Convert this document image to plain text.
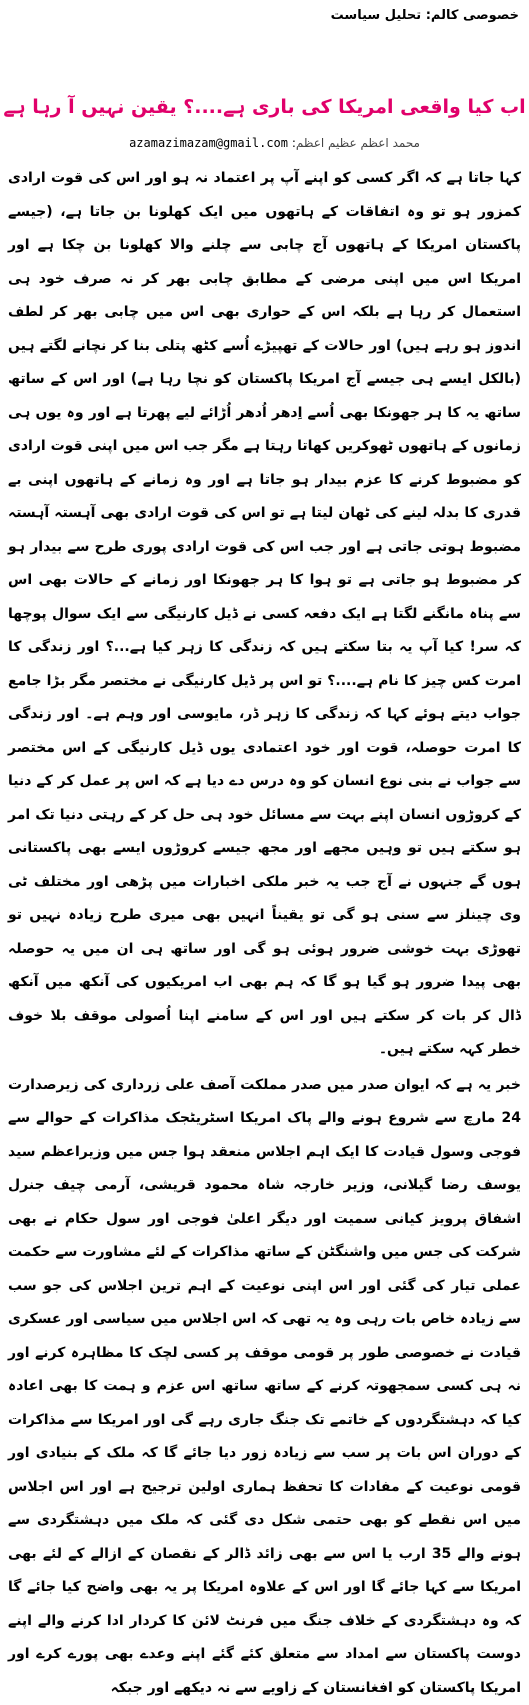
خصوصی کالم: تحلیل سیاست
اب کیا واقعی امریکا کی باری ہے....؟ یقین نہیں آ رہا ہے
محمد اعظم عظیم اعظم: azamazimazam@gmail.com

کہا جاتا ہے کہ اگر کسی کو اپنے آپ پر اعتماد نہ ہو اور اس کی قوت ارادی کمزور ہو تو وہ اتفاقات کے ہاتھوں میں ایک کھلونا بن جاتا ہے، (جیسے پاکستان امریکا کے ہاتھوں آج چابی سے چلنے والا کھلونا بن چکا ہے اور امریکا اس میں اپنی مرضی کے مطابق چابی بھر کر نہ صرف خود ہی استعمال کر رہا ہے بلکہ اس کے حواری بھی اس میں چابی بھر کر لطف اندوز ہو رہے ہیں) اور حالات کے تھپیڑے اُسے کٹھ پتلی بنا کر نچانے لگتے ہیں (بالکل ایسے ہی جیسے آج امریکا پاکستان کو نچا رہا ہے) اور اس کے ساتھ ساتھ یہ کا ہر جھونکا بھی اُسے اِدھر اُدھر اُڑائے لیے پھرتا ہے اور وہ یوں ہی زمانوں کے ہاتھوں ٹھوکریں کھاتا رہتا ہے مگر جب اس میں اپنی قوت ارادی کو مضبوط کرنے کا عزم بیدار ہو جاتا ہے اور وہ زمانے کے ہاتھوں اپنی بے قدری کا بدلہ لینے کی ٹھان لیتا ہے تو اس کی قوت ارادی بھی آہستہ آہستہ مضبوط ہوتی جاتی ہے اور جب اس کی قوت ارادی پوری طرح سے بیدار ہو کر مضبوط ہو جاتی ہے تو ہوا کا ہر جھونکا اور زمانے کے حالات بھی اس سے پناہ مانگنے لگتا ہے ایک دفعہ کسی نے ڈیل کارنیگی سے ایک سوال پوچھا کہ سر! کیا آپ یہ بتا سکتے ہیں کہ زندگی کا زہر کیا ہے...؟ اور زندگی کا امرت کس چیز کا نام ہے....؟ تو اس پر ڈیل کارنیگی نے مختصر مگر بڑا جامع جواب دیتے ہوئے کہا کہ زندگی کا زہر ڈر، مایوسی اور وہم ہے۔ اور زندگی کا امرت حوصلہ، قوت اور خود اعتمادی یوں ڈیل کارنیگی کے اس مختصر سے جواب نے بنی نوع انسان کو وہ درس دے دیا ہے کہ اس پر عمل کر کے دنیا کے کروڑوں انسان اپنے بہت سے مسائل خود ہی حل کر کے رہتی دنیا تک امر ہو سکتے ہیں تو وہیں مجھے اور مجھ جیسے کروڑوں ایسے بھی پاکستانی ہوں گے جنہوں نے آج جب یہ خبر ملکی اخبارات میں پڑھی اور مختلف ٹی وی چینلز سے سنی ہو گی تو یقیناً انہیں بھی میری طرح زیادہ نہیں تو تھوڑی بہت خوشی ضرور ہوئی ہو گی اور ساتھ ہی ان میں یہ حوصلہ بھی پیدا ضرور ہو گیا ہو گا کہ ہم بھی اب امریکیوں کی آنکھ میں آنکھ ڈال کر بات کر سکتے ہیں اور اس کے سامنے اپنا اُصولی موقف بلا خوف خطر کہہ سکتے ہیں۔

خبر یہ ہے کہ ایوان صدر میں صدر مملکت آصف علی زرداری کی زیرصدارت 24 مارچ سے شروع ہونے والے پاک امریکا اسٹریٹجک مذاکرات کے حوالے سے فوجی وسول قیادت کا ایک اہم اجلاس منعقد ہوا جس میں وزیراعظم سید یوسف رضا گیلانی، وزیر خارجہ شاہ محمود قریشی، آرمی چیف جنرل اشفاق پرویز کیانی سمیت اور دیگر اعلیٰ فوجی اور سول حکام نے بھی شرکت کی جس میں واشنگٹن کے ساتھ مذاکرات کے لئے مشاورت سے حکمت عملی تیار کی گئی اور اس اپنی نوعیت کے اہم ترین اجلاس کی جو سب سے زیادہ خاص بات رہی وہ یہ تھی کہ اس اجلاس میں سیاسی اور عسکری قیادت نے خصوصی طور پر قومی موقف پر کسی لچک کا مظاہرہ کرنے اور نہ ہی کسی سمجھوتہ کرنے کے ساتھ ساتھ اس عزم و ہمت کا بھی اعادہ کیا کہ دہشتگردوں کے خاتمے تک جنگ جاری رہے گی اور امریکا سے مذاکرات کے دوران اس بات پر سب سے زیادہ زور دیا جائے گا کہ ملک کے بنیادی اور قومی نوعیت کے مفادات کا تحفظ ہماری اولین ترجیح ہے اور اس اجلاس میں اس نقطے کو بھی حتمی شکل دی گئی کہ ملک میں دہشتگردی سے ہونے والے 35 ارب یا اس سے بھی زائد ڈالر کے نقصان کے ازالے کے لئے بھی امریکا سے کہا جائے گا اور اس کے علاوہ امریکا پر یہ بھی واضح کیا جائے گا کہ وہ دہشتگردی کے خلاف جنگ میں فرنٹ لائن کا کردار ادا کرنے والے اپنے دوست پاکستان سے امداد سے متعلق کئے گئے اپنے وعدے بھی پورے کرے اور امریکا پاکستان کو افغانستان کے زاویے سے نہ دیکھے اور جبکہ
